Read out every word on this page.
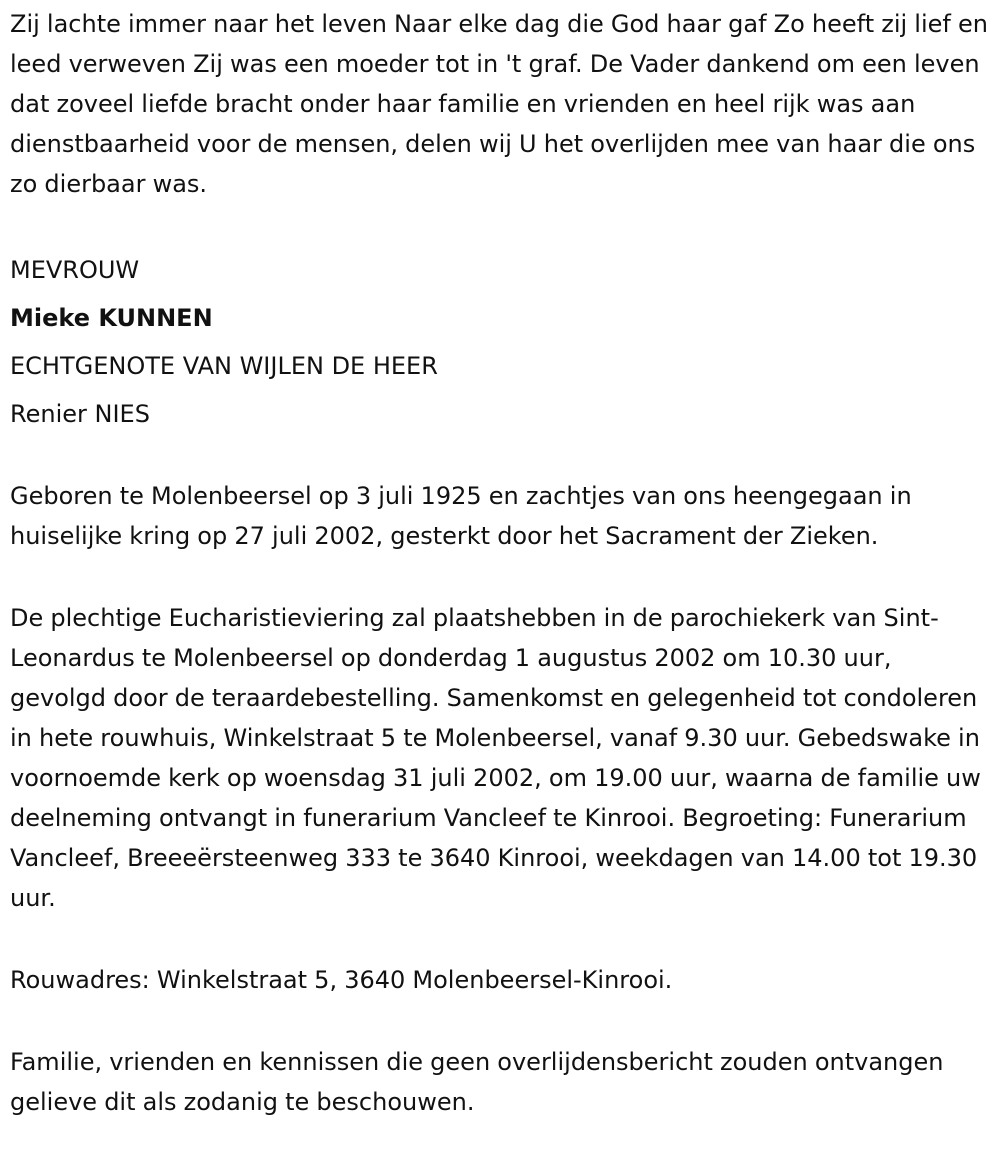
Zij lachte immer naar het leven Naar elke dag die God haar gaf Zo heeft zij lief en leed verweven Zij was een moeder tot in 't graf. De Vader dankend om een leven dat zoveel liefde bracht onder haar familie en vrienden en heel rijk was aan dienstbaarheid voor de mensen, delen wij U het overlijden mee van haar die ons zo dierbaar was.

MEVROUW

Mieke KUNNEN

ECHTGENOTE VAN WIJLEN DE HEER

Renier NIES

Geboren te Molenbeersel op 3 juli 1925 en zachtjes van ons heengegaan in huiselijke kring op 27 juli 2002, gesterkt door het Sacrament der Zieken.

De plechtige Eucharistieviering zal plaatshebben in de parochiekerk van Sint-Leonardus te Molenbeersel op donderdag 1 augustus 2002 om 10.30 uur, gevolgd door de teraardebestelling. Samenkomst en gelegenheid tot condoleren in hete rouwhuis, Winkelstraat 5 te Molenbeersel, vanaf 9.30 uur. Gebedswake in voornoemde kerk op woensdag 31 juli 2002, om 19.00 uur, waarna de familie uw deelneming ontvangt in funerarium Vancleef te Kinrooi. Begroeting: Funerarium Vancleef, Breeeërsteenweg 333 te 3640 Kinrooi, weekdagen van 14.00 tot 19.30 uur.

Rouwadres: Winkelstraat 5, 3640 Molenbeersel-Kinrooi.

Familie, vrienden en kennissen die geen overlijdensbericht zouden ontvangen gelieve dit als zodanig te beschouwen.
